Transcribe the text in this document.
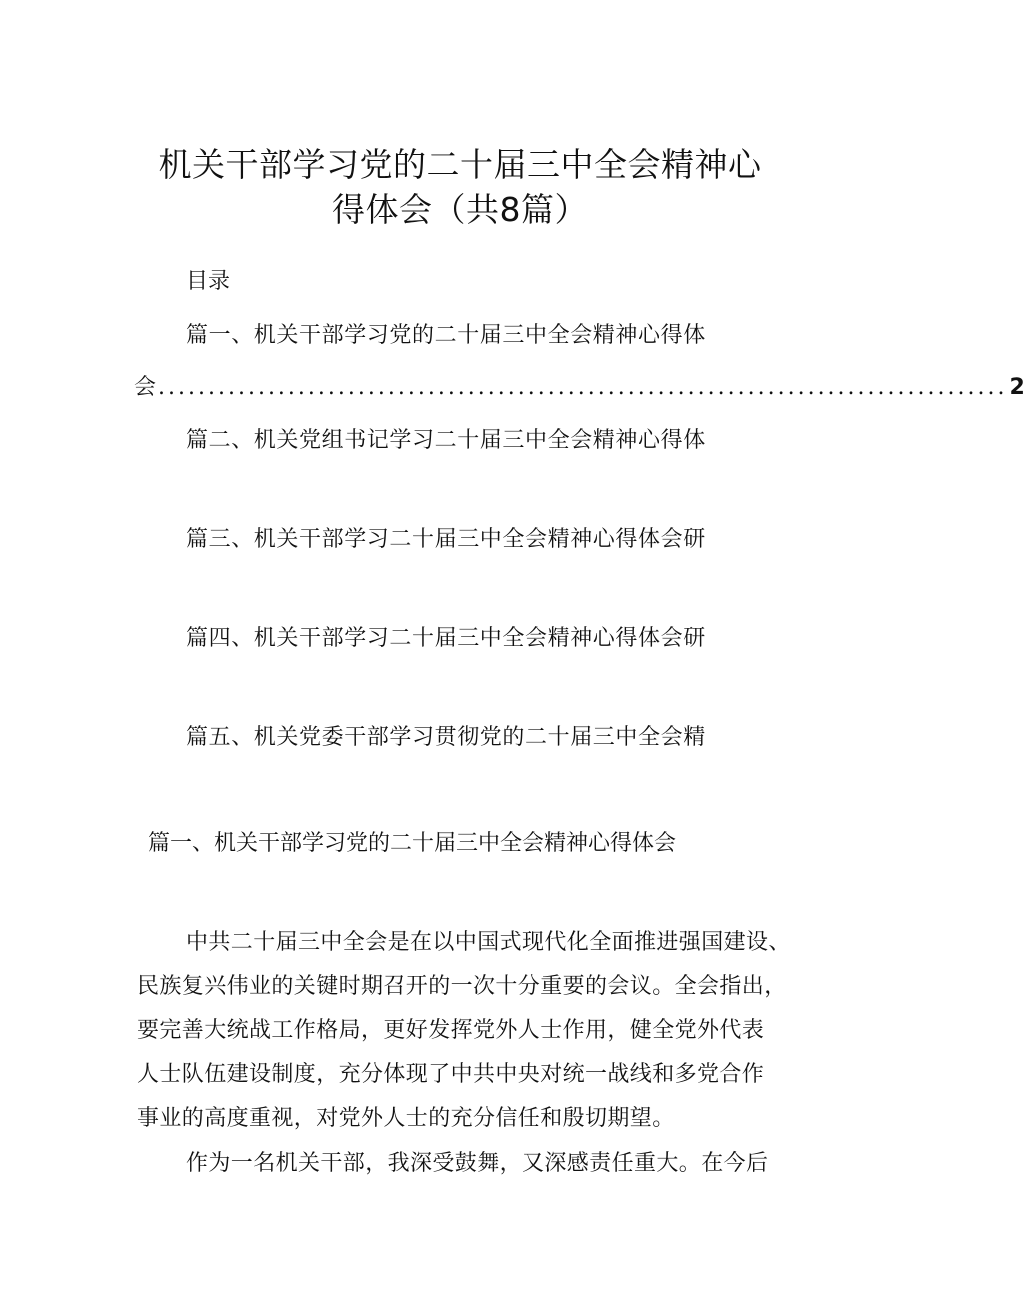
机关干部学习党的二十届三中全会精神心
得体会（共8篇）
目录
篇一、机关干部学习党的二十届三中全会精神心得体
会 ..................................................................................... 2
篇二、机关党组书记学习二十届三中全会精神心得体
篇三、机关干部学习二十届三中全会精神心得体会研
篇四、机关干部学习二十届三中全会精神心得体会研
篇五、机关党委干部学习贯彻党的二十届三中全会精
篇一、机关干部学习党的二十届三中全会精神心得体会
中共二十届三中全会是在以中国式现代化全面推进强国建设、
民族复兴伟业的关键时期召开的一次十分重要的会议。全会指出，
要完善大统战工作格局，更好发挥党外人士作用，健全党外代表
人士队伍建设制度，充分体现了中共中央对统一战线和多党合作
事业的高度重视，对党外人士的充分信任和殷切期望。
作为一名机关干部，我深受鼓舞，又深感责任重大。在今后
